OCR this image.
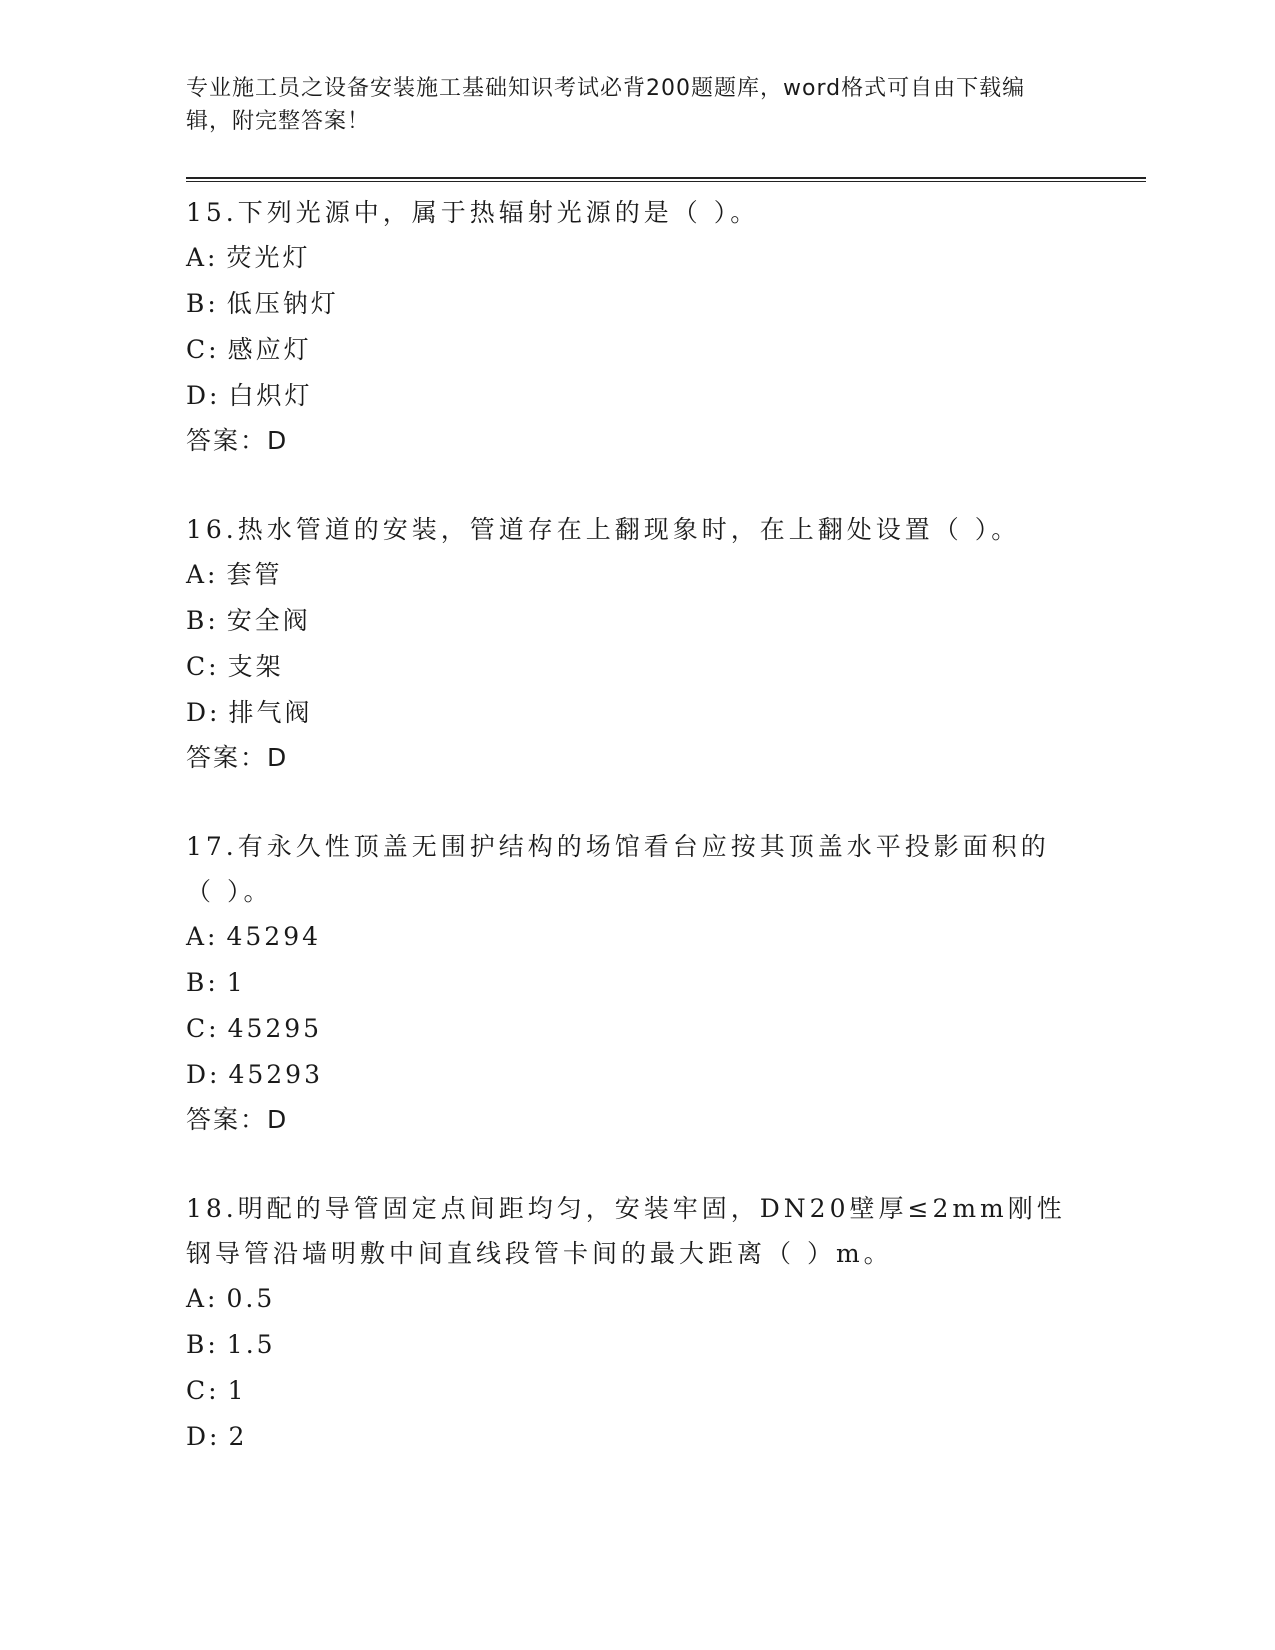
专业施工员之设备安装施工基础知识考试必背200题题库，word格式可自由下载编辑，附完整答案！
15.下列光源中，属于热辐射光源的是（ ）。
A: 荧光灯
B: 低压钠灯
C: 感应灯
D: 白炽灯
答案：D
16.热水管道的安装，管道存在上翻现象时，在上翻处设置（ ）。
A: 套管
B: 安全阀
C: 支架
D: 排气阀
答案：D
17.有永久性顶盖无围护结构的场馆看台应按其顶盖水平投影面积的（ ）。
A: 45294
B: 1
C: 45295
D: 45293
答案：D
18.明配的导管固定点间距均匀，安装牢固，DN20壁厚≤2mm刚性钢导管沿墙明敷中间直线段管卡间的最大距离（ ）m。
A: 0.5
B: 1.5
C: 1
D: 2
